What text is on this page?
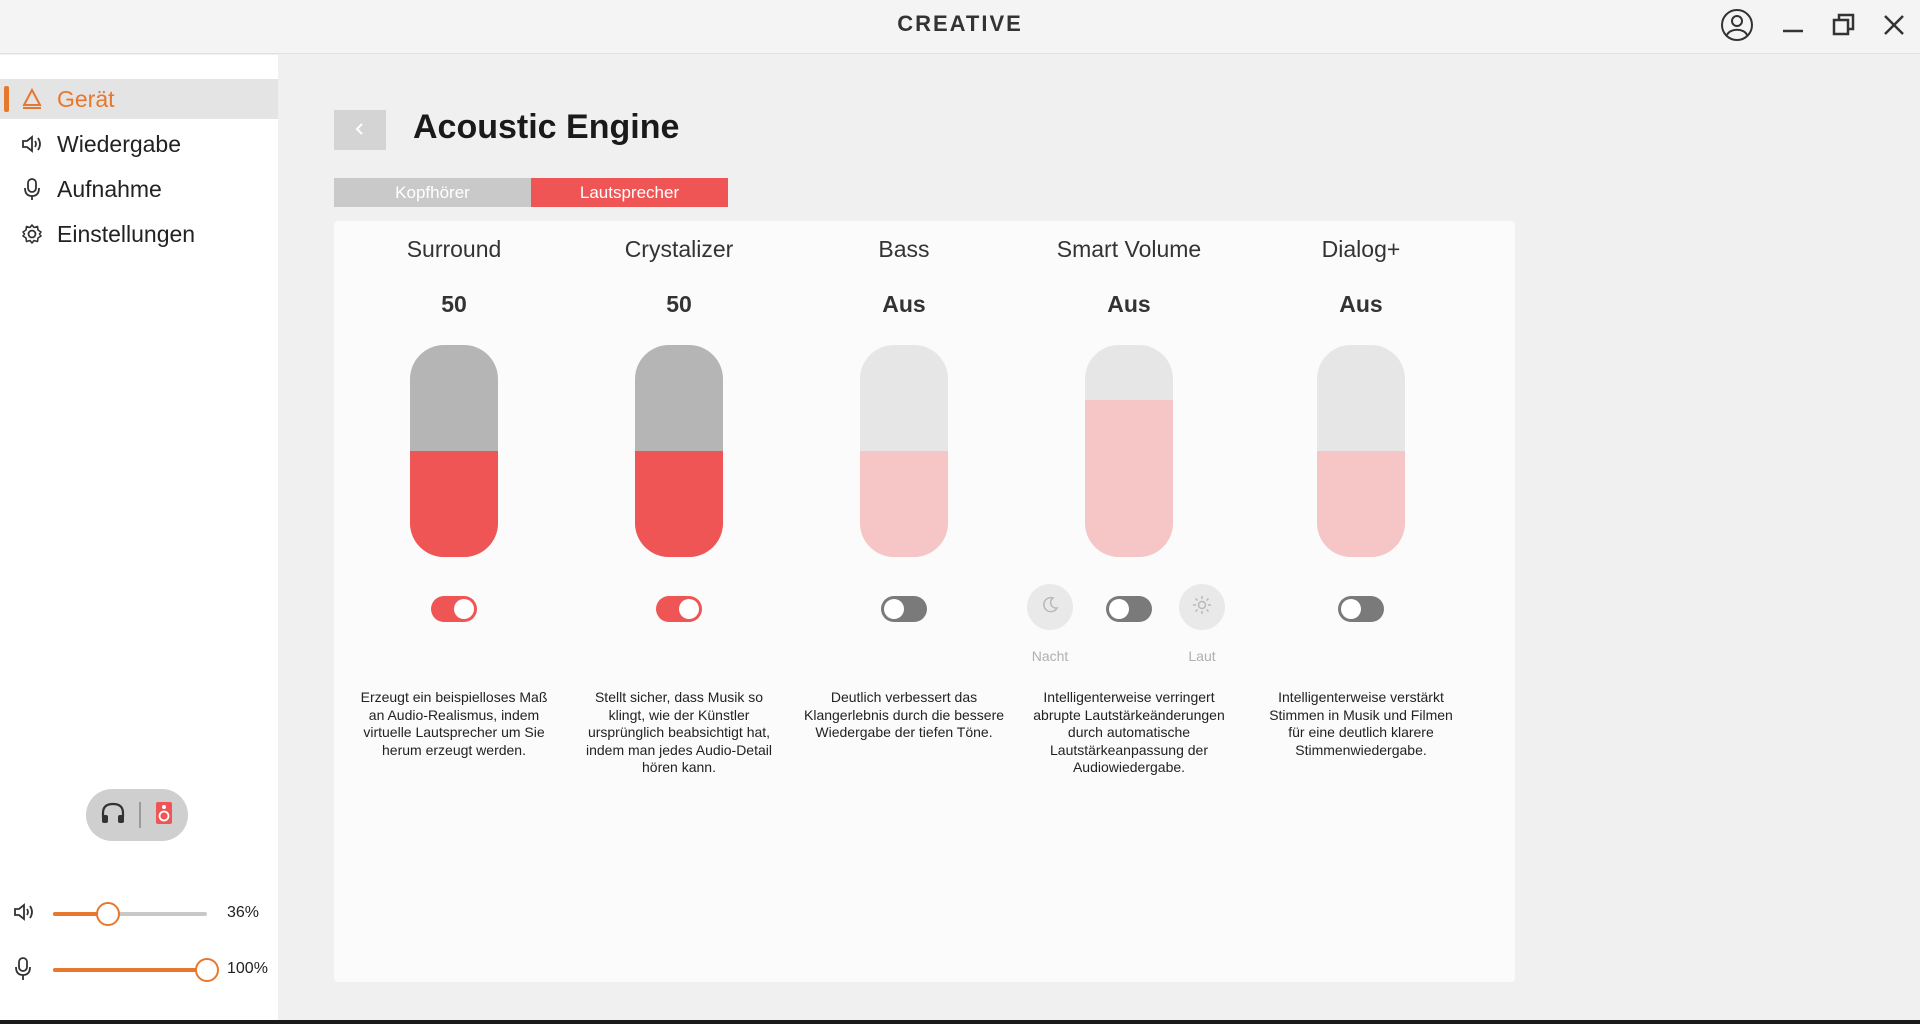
CREATIVE
Gerät
Wiedergabe
Aufnahme
Einstellungen
36%
100%
Acoustic Engine
Kopfhörer	Lautsprecher
Surround
50
Erzeugt ein beispielloses Maß an Audio-Realismus, indem virtuelle Lautsprecher um Sie herum erzeugt werden.
Crystalizer
50
Stellt sicher, dass Musik so klingt, wie der Künstler ursprünglich beabsichtigt hat, indem man jedes Audio-Detail hören kann.
Bass
Aus
Deutlich verbessert das Klangerlebnis durch die bessere Wiedergabe der tiefen Töne.
Smart Volume
Aus
Nacht	Laut
Intelligenterweise verringert abrupte Lautstärkeänderungen durch automatische Lautstärkeanpassung der Audiowiedergabe.
Dialog+
Aus
Intelligenterweise verstärkt Stimmen in Musik und Filmen für eine deutlich klarere Stimmenwiedergabe.
